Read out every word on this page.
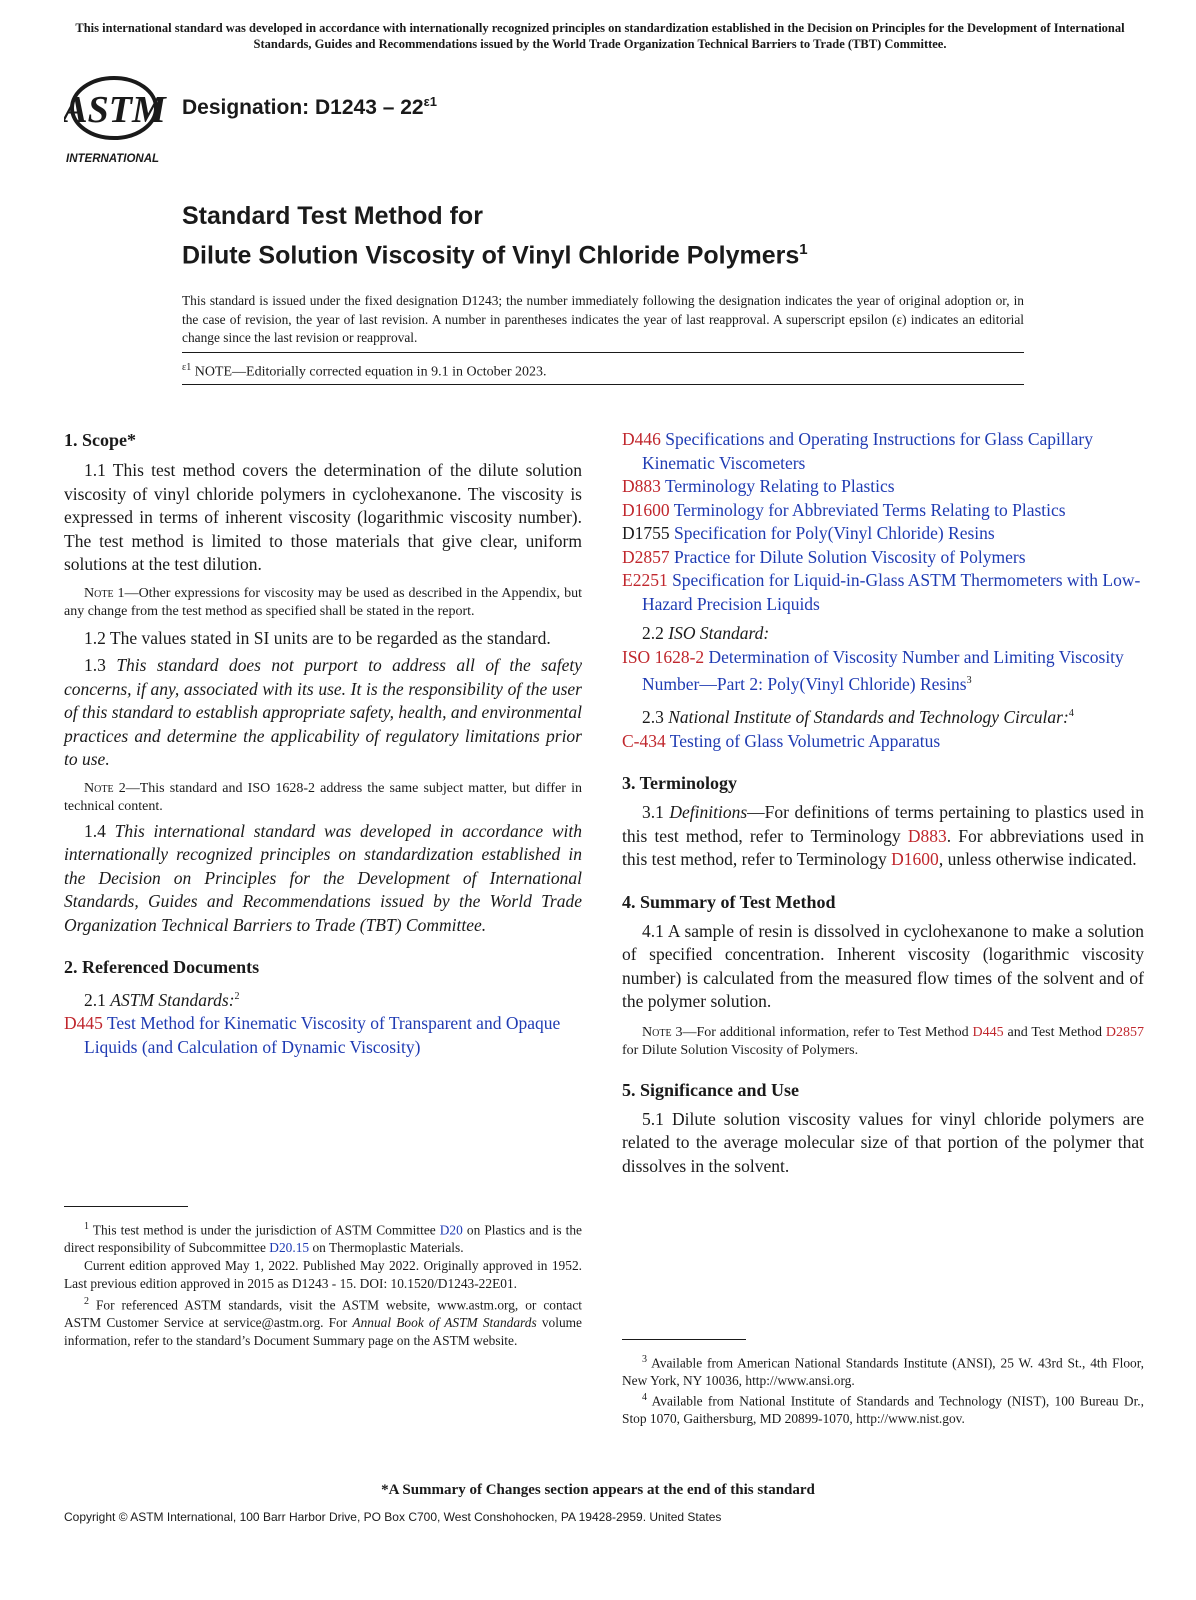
This international standard was developed in accordance with internationally recognized principles on standardization established in the Decision on Principles for the Development of International Standards, Guides and Recommendations issued by the World Trade Organization Technical Barriers to Trade (TBT) Committee.
ASTM
INTERNATIONAL
Designation: $D1243 - 22^{\varepsilon 1}$
Standard Test Method for
Dilute Solution Viscosity of Vinyl Chloride Polymers$^1$
This standard is issued under the fixed designation D1243; the number immediately following the designation indicates the year of original adoption or, in the case of revision, the year of last revision. A number in parentheses indicates the year of last reapproval. A superscript epsilon (ε) indicates an editorial change since the last revision or reapproval.
$^{\varepsilon 1}$ NOTE—Editorially corrected equation in 9.1 in October 2023.
1. Scope*

1.1 This test method covers the determination of the dilute solution viscosity of vinyl chloride polymers in cyclohexanone. The viscosity is expressed in terms of inherent viscosity (logarithmic viscosity number). The test method is limited to those materials that give clear, uniform solutions at the test dilution.

Note 1—Other expressions for viscosity may be used as described in the Appendix, but any change from the test method as specified shall be stated in the report.

1.2 The values stated in SI units are to be regarded as the standard.

1.3 This standard does not purport to address all of the safety concerns, if any, associated with its use. It is the responsibility of the user of this standard to establish appropriate safety, health, and environmental practices and determine the applicability of regulatory limitations prior to use.

Note 2—This standard and ISO 1628-2 address the same subject matter, but differ in technical content.

1.4 This international standard was developed in accordance with internationally recognized principles on standardization established in the Decision on Principles for the Development of International Standards, Guides and Recommendations issued by the World Trade Organization Technical Barriers to Trade (TBT) Committee.

2. Referenced Documents

2.1 ASTM Standards:$^2$

D445 Test Method for Kinematic Viscosity of Transparent and Opaque Liquids (and Calculation of Dynamic Viscosity)

$^1$ This test method is under the jurisdiction of ASTM Committee D20 on Plastics and is the direct responsibility of Subcommittee D20.15 on Thermoplastic Materials.

Current edition approved May 1, 2022. Published May 2022. Originally approved in 1952. Last previous edition approved in 2015 as D1243 - 15. DOI: 10.1520/D1243-22E01.

$^2$ For referenced ASTM standards, visit the ASTM website, www.astm.org, or contact ASTM Customer Service at service@astm.org. For Annual Book of ASTM Standards volume information, refer to the standard’s Document Summary page on the ASTM website.

D446 Specifications and Operating Instructions for Glass Capillary Kinematic Viscometers

D883 Terminology Relating to Plastics

D1600 Terminology for Abbreviated Terms Relating to Plastics

D1755 Specification for Poly(Vinyl Chloride) Resins

D2857 Practice for Dilute Solution Viscosity of Polymers

E2251 Specification for Liquid-in-Glass ASTM Thermometers with Low-Hazard Precision Liquids

2.2 ISO Standard:

ISO 1628-2 Determination of Viscosity Number and Limiting Viscosity Number—Part 2: Poly(Vinyl Chloride) Resins$^3$

2.3 National Institute of Standards and Technology Circular:$^4$

C-434 Testing of Glass Volumetric Apparatus

3. Terminology

3.1 Definitions—For definitions of terms pertaining to plastics used in this test method, refer to Terminology D883. For abbreviations used in this test method, refer to Terminology D1600, unless otherwise indicated.

4. Summary of Test Method

4.1 A sample of resin is dissolved in cyclohexanone to make a solution of specified concentration. Inherent viscosity (logarithmic viscosity number) is calculated from the measured flow times of the solvent and of the polymer solution.

Note 3—For additional information, refer to Test Method D445 and Test Method D2857 for Dilute Solution Viscosity of Polymers.

5. Significance and Use

5.1 Dilute solution viscosity values for vinyl chloride polymers are related to the average molecular size of that portion of the polymer that dissolves in the solvent.

$^3$ Available from American National Standards Institute (ANSI), 25 W. 43rd St., 4th Floor, New York, NY 10036, http://www.ansi.org.

$^4$ Available from National Institute of Standards and Technology (NIST), 100 Bureau Dr., Stop 1070, Gaithersburg, MD 20899-1070, http://www.nist.gov.

*A Summary of Changes section appears at the end of this standard
Copyright © ASTM International, 100 Barr Harbor Drive, PO Box C700, West Conshohocken, PA 19428-2959. United States
